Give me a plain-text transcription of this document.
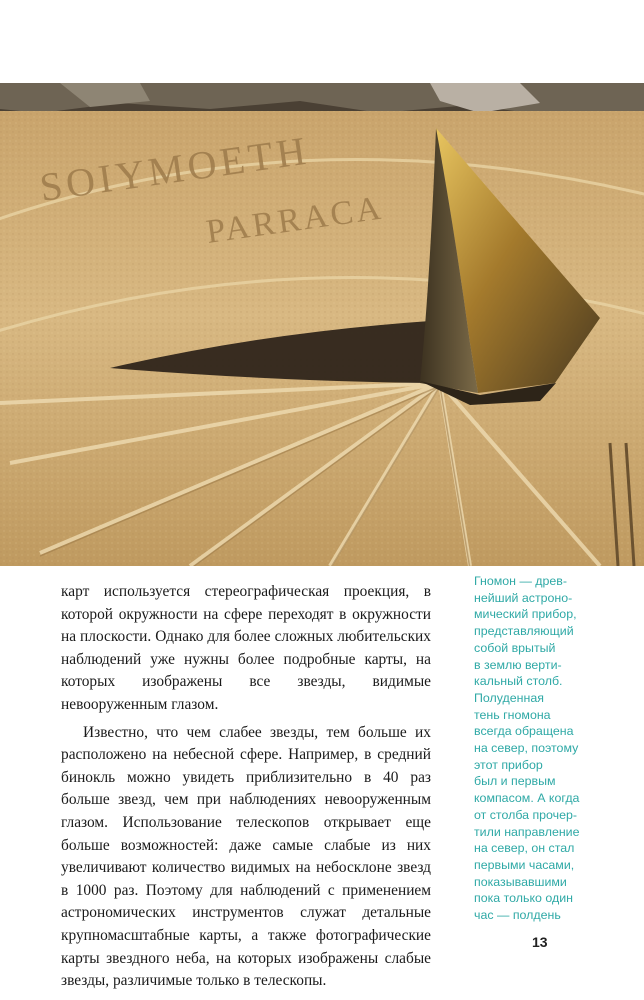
SOIYMOETH
PARRACA

карт используется стереографическая проекция, в которой окружности на сфере переходят в окружности на плоскости. Однако для более сложных любительских наблюдений уже нужны более подробные карты, на которых изображены все звезды, видимые невооруженным глазом.

Известно, что чем слабее звезды, тем больше их расположено на небесной сфере. Например, в средний бинокль можно увидеть приблизительно в 40 раз больше звезд, чем при наблюдениях невооруженным глазом. Использование телескопов открывает еще больше возможностей: даже самые слабые из них увеличивают количество видимых на небосклоне звезд в 1000 раз. Поэтому для наблюдений с применением астрономических инструментов служат детальные крупномасштабные карты, а также фотографические карты звездного неба, на которых изображены слабые звезды, различимые только в телескопы.

Гномон — древ-
нейший астроно-
мический прибор,
представляющий
собой врытый
в землю верти-
кальный столб.
Полуденная
тень гномона
всегда обращена
на север, поэтому
этот прибор
был и первым
компасом. А когда
от столба прочер-
тили направление
на север, он стал
первыми часами,
показывавшими
пока только один
час — полдень
13
